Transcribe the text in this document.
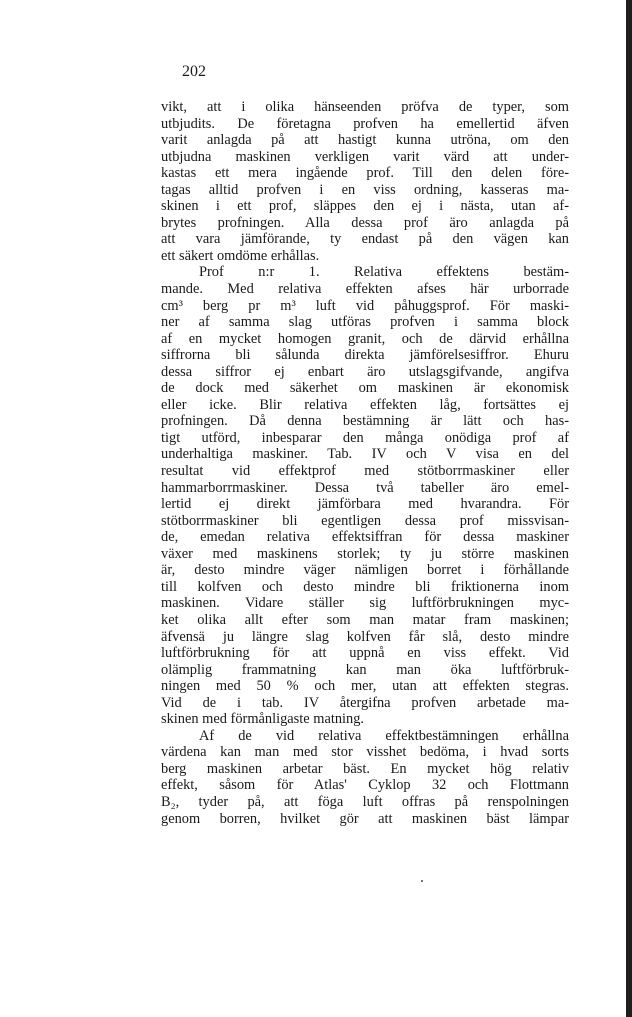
202
vikt, att i olika hänseenden pröfva de typer, som
utbjudits. De företagna profven ha emellertid äfven
varit anlagda på att hastigt kunna utröna, om den
utbjudna maskinen verkligen varit värd att under-
kastas ett mera ingående prof. Till den delen före-
tagas alltid profven i en viss ordning, kasseras ma-
skinen i ett prof, släppes den ej i nästa, utan af-
brytes profningen. Alla dessa prof äro anlagda på
att vara jämförande, ty endast på den vägen kan
ett säkert omdöme erhållas.
Prof n:r 1. Relativa effektens bestäm-
mande. Med relativa effekten afses här urborrade
cm³ berg pr m³ luft vid påhuggsprof. För maski-
ner af samma slag utföras profven i samma block
af en mycket homogen granit, och de därvid erhållna
siffrorna bli sålunda direkta jämförelsesiffror. Ehuru
dessa siffror ej enbart äro utslagsgifvande, angifva
de dock med säkerhet om maskinen är ekonomisk
eller icke. Blir relativa effekten låg, fortsättes ej
profningen. Då denna bestämning är lätt och has-
tigt utförd, inbesparar den många onödiga prof af
underhaltiga maskiner. Tab. IV och V visa en del
resultat vid effektprof med stötborrmaskiner eller
hammarborrmaskiner. Dessa två tabeller äro emel-
lertid ej direkt jämförbara med hvarandra. För
stötborrmaskiner bli egentligen dessa prof missvisan-
de, emedan relativa effektsiffran för dessa maskiner
växer med maskinens storlek; ty ju större maskinen
är, desto mindre väger nämligen borret i förhållande
till kolfven och desto mindre bli friktionerna inom
maskinen. Vidare ställer sig luftförbrukningen myc-
ket olika allt efter som man matar fram maskinen;
äfvensä ju längre slag kolfven får slå, desto mindre
luftförbrukning för att uppnå en viss effekt. Vid
olämplig frammatning kan man öka luftförbruk-
ningen med 50 % och mer, utan att effekten stegras.
Vid de i tab. IV återgifna profven arbetade ma-
skinen med förmånligaste matning.
Af de vid relativa effektbestämningen erhållna
värdena kan man med stor visshet bedöma, i hvad sorts
berg maskinen arbetar bäst. En mycket hög relativ
effekt, såsom för Atlas' Cyklop 32 och Flottmann
B₂, tyder på, att föga luft offras på renspolningen
genom borren, hvilket gör att maskinen bäst lämpar
